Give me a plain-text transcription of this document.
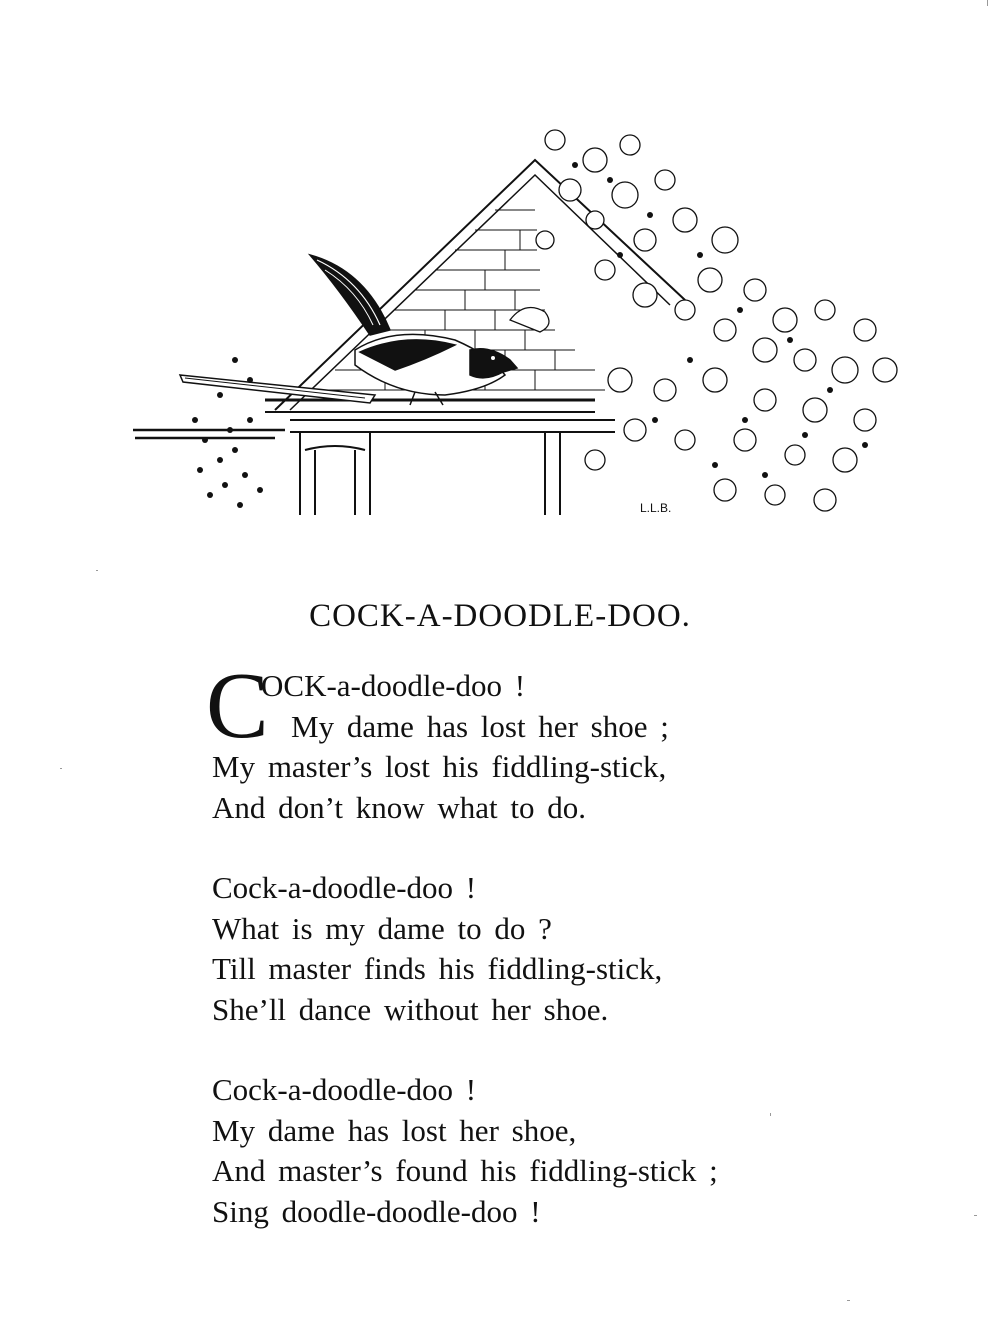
L.L.B.
COCK-A-DOODLE-DOO.
C
OCK-a-doodle-doo !
My dame has lost her shoe ;
My master’s lost his fiddling-stick,
And don’t know what to do.
Cock-a-doodle-doo !
What is my dame to do ?
Till master finds his fiddling-stick,
She’ll dance without her shoe.
Cock-a-doodle-doo !
My dame has lost her shoe,
And master’s found his fiddling-stick ;
Sing doodle-doodle-doo !
